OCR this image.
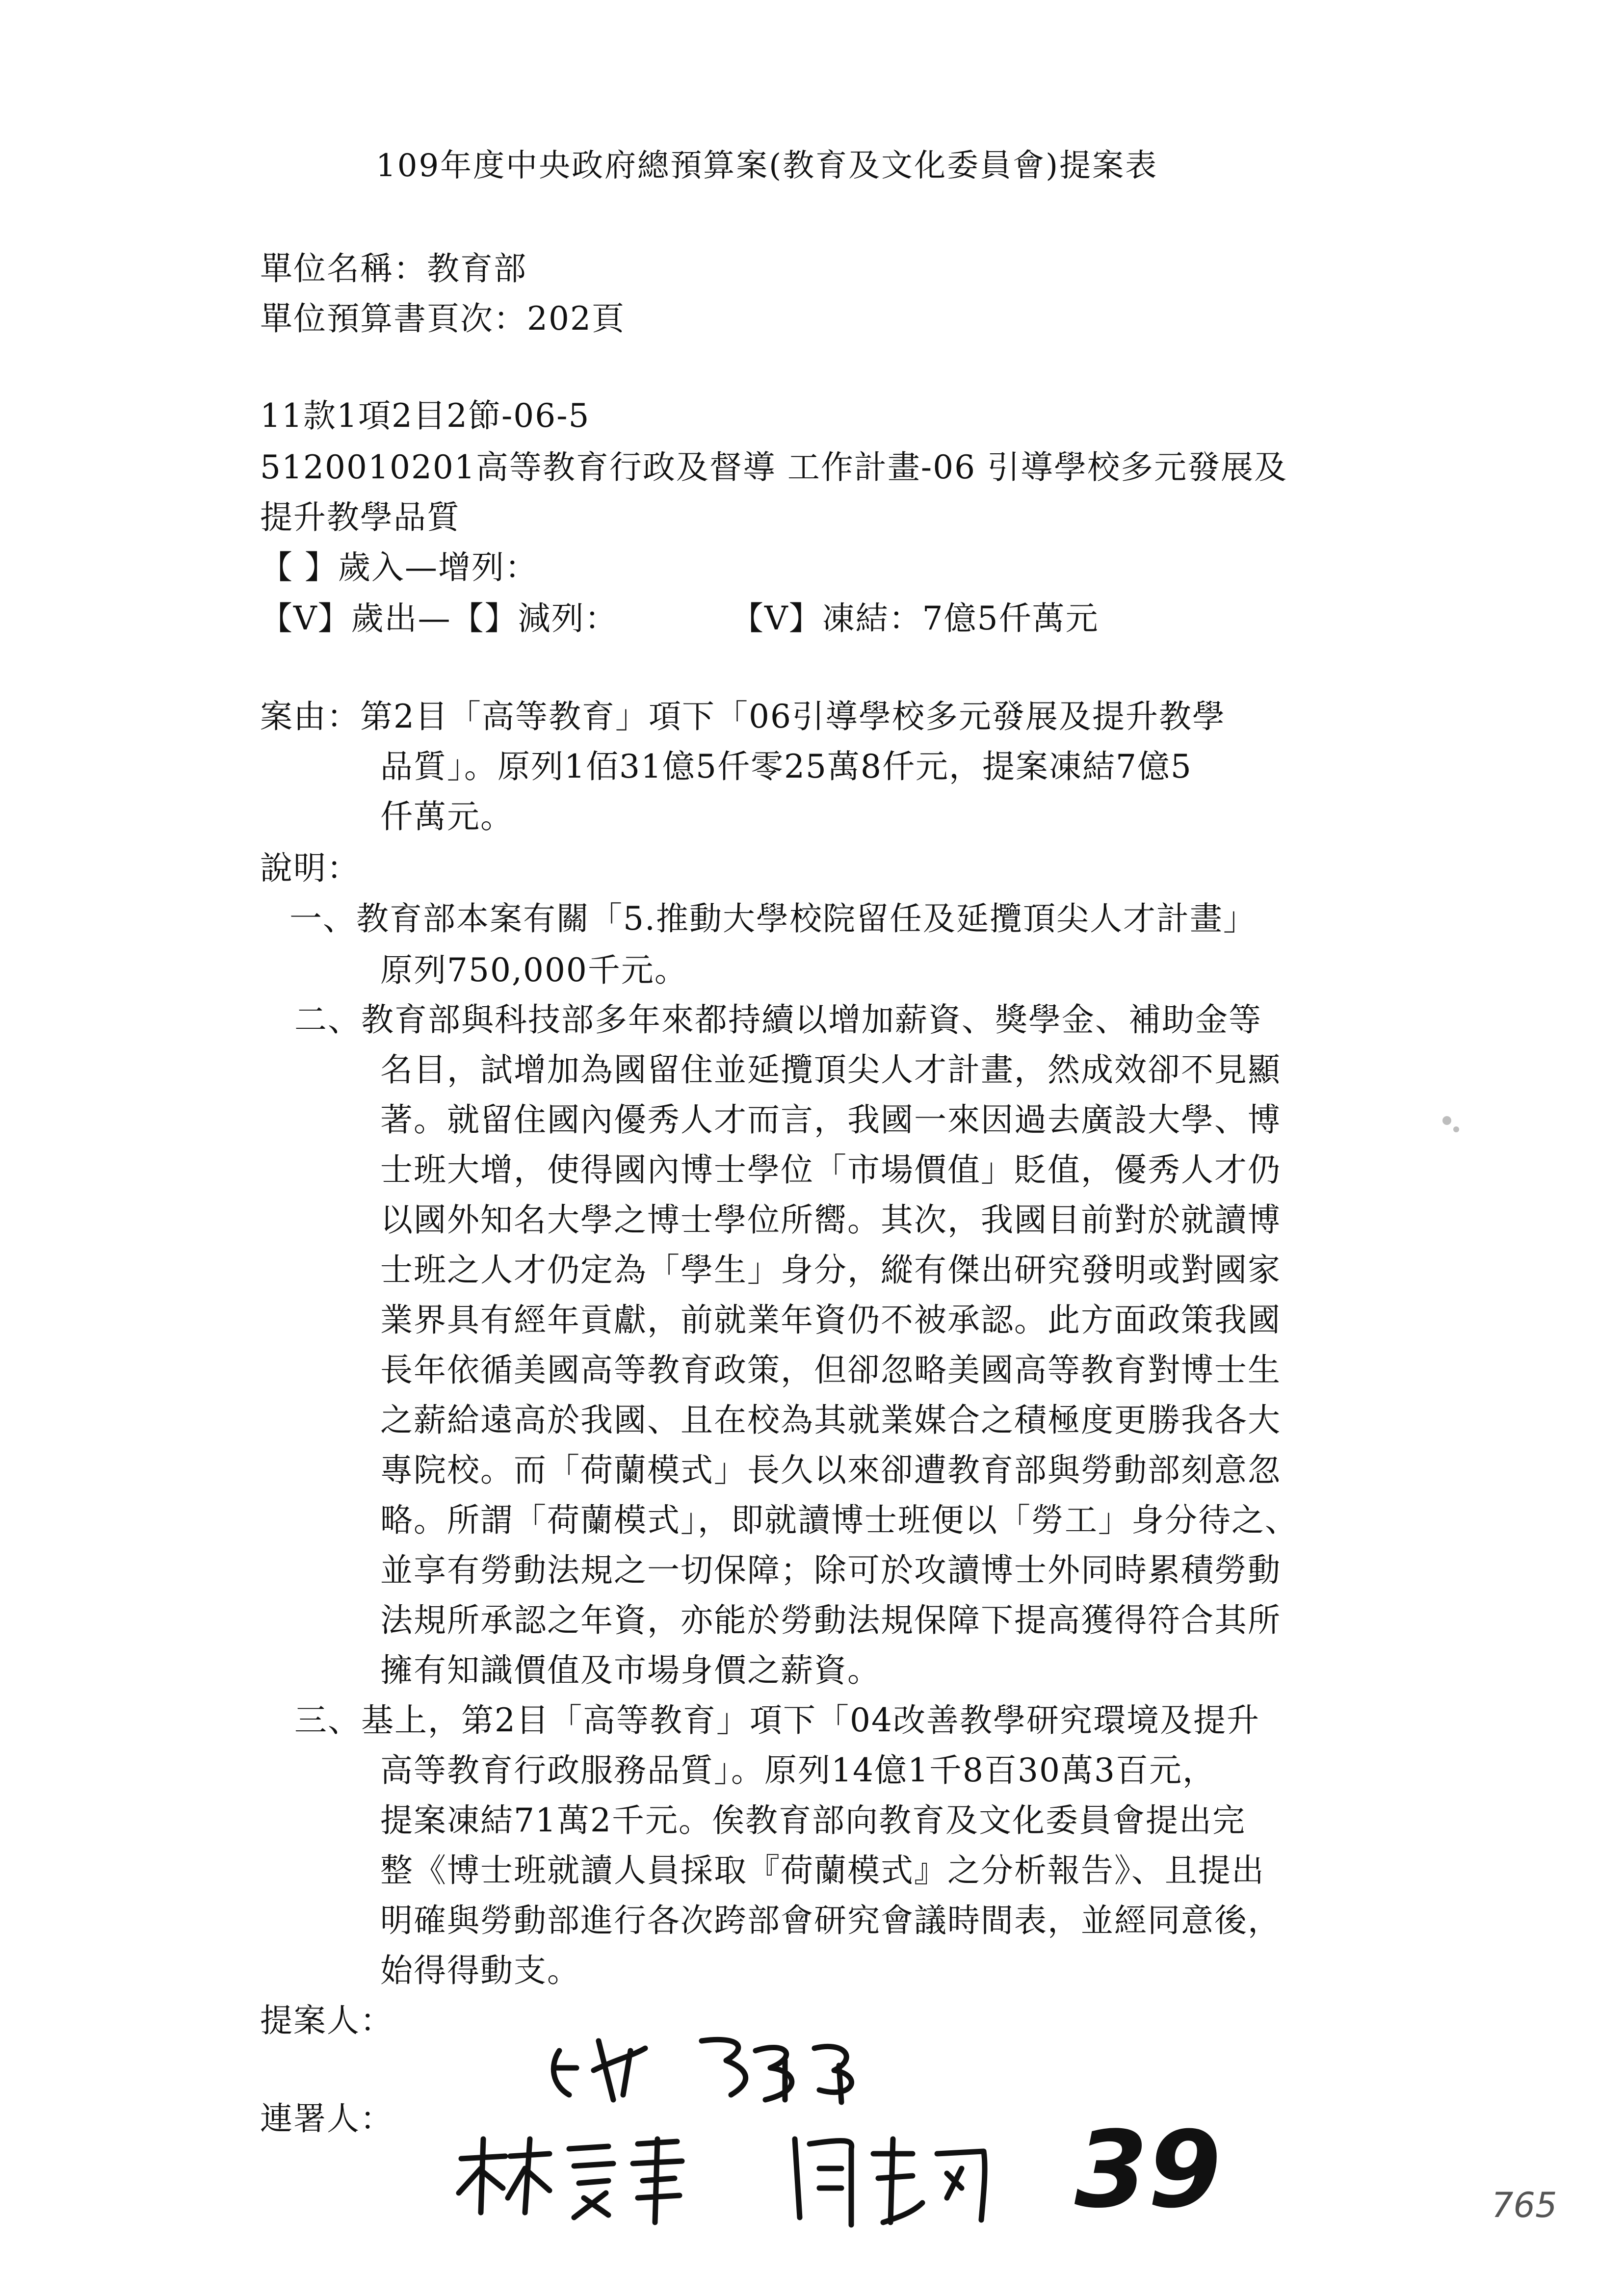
109年度中央政府總預算案(教育及文化委員會)提案表
單位名稱：教育部
單位預算書頁次：202頁
11款1項2目2節-06-5
5120010201高等教育行政及督導 工作計畫-06 引導學校多元發展及
提升教學品質
【 】歲入—增列：
【V】歲出—【】減列：	【V】凍結：7億5仟萬元
案由：第2目「高等教育」項下「06引導學校多元發展及提升教學
品質」。原列1佰31億5仟零25萬8仟元，提案凍結7億5
仟萬元。
說明：
一、教育部本案有關「5.推動大學校院留任及延攬頂尖人才計畫」
原列750,000千元。
二、教育部與科技部多年來都持續以增加薪資、獎學金、補助金等
名目，試增加為國留住並延攬頂尖人才計畫，然成效卻不見顯
著。就留住國內優秀人才而言，我國一來因過去廣設大學、博
士班大增，使得國內博士學位「市場價值」貶值，優秀人才仍
以國外知名大學之博士學位所嚮。其次，我國目前對於就讀博
士班之人才仍定為「學生」身分，縱有傑出研究發明或對國家
業界具有經年貢獻，前就業年資仍不被承認。此方面政策我國
長年依循美國高等教育政策，但卻忽略美國高等教育對博士生
之薪給遠高於我國、且在校為其就業媒合之積極度更勝我各大
專院校。而「荷蘭模式」長久以來卻遭教育部與勞動部刻意忽
略。所謂「荷蘭模式」，即就讀博士班便以「勞工」身分待之、
並享有勞動法規之一切保障；除可於攻讀博士外同時累積勞動
法規所承認之年資，亦能於勞動法規保障下提高獲得符合其所
擁有知識價值及市場身價之薪資。
三、基上，第2目「高等教育」項下「04改善教學研究環境及提升
高等教育行政服務品質」。原列14億1千8百30萬3百元，
提案凍結71萬2千元。俟教育部向教育及文化委員會提出完
整《博士班就讀人員採取『荷蘭模式』之分析報告》、且提出
明確與勞動部進行各次跨部會研究會議時間表，並經同意後，
始得得動支。
提案人：
連署人：	39	765
